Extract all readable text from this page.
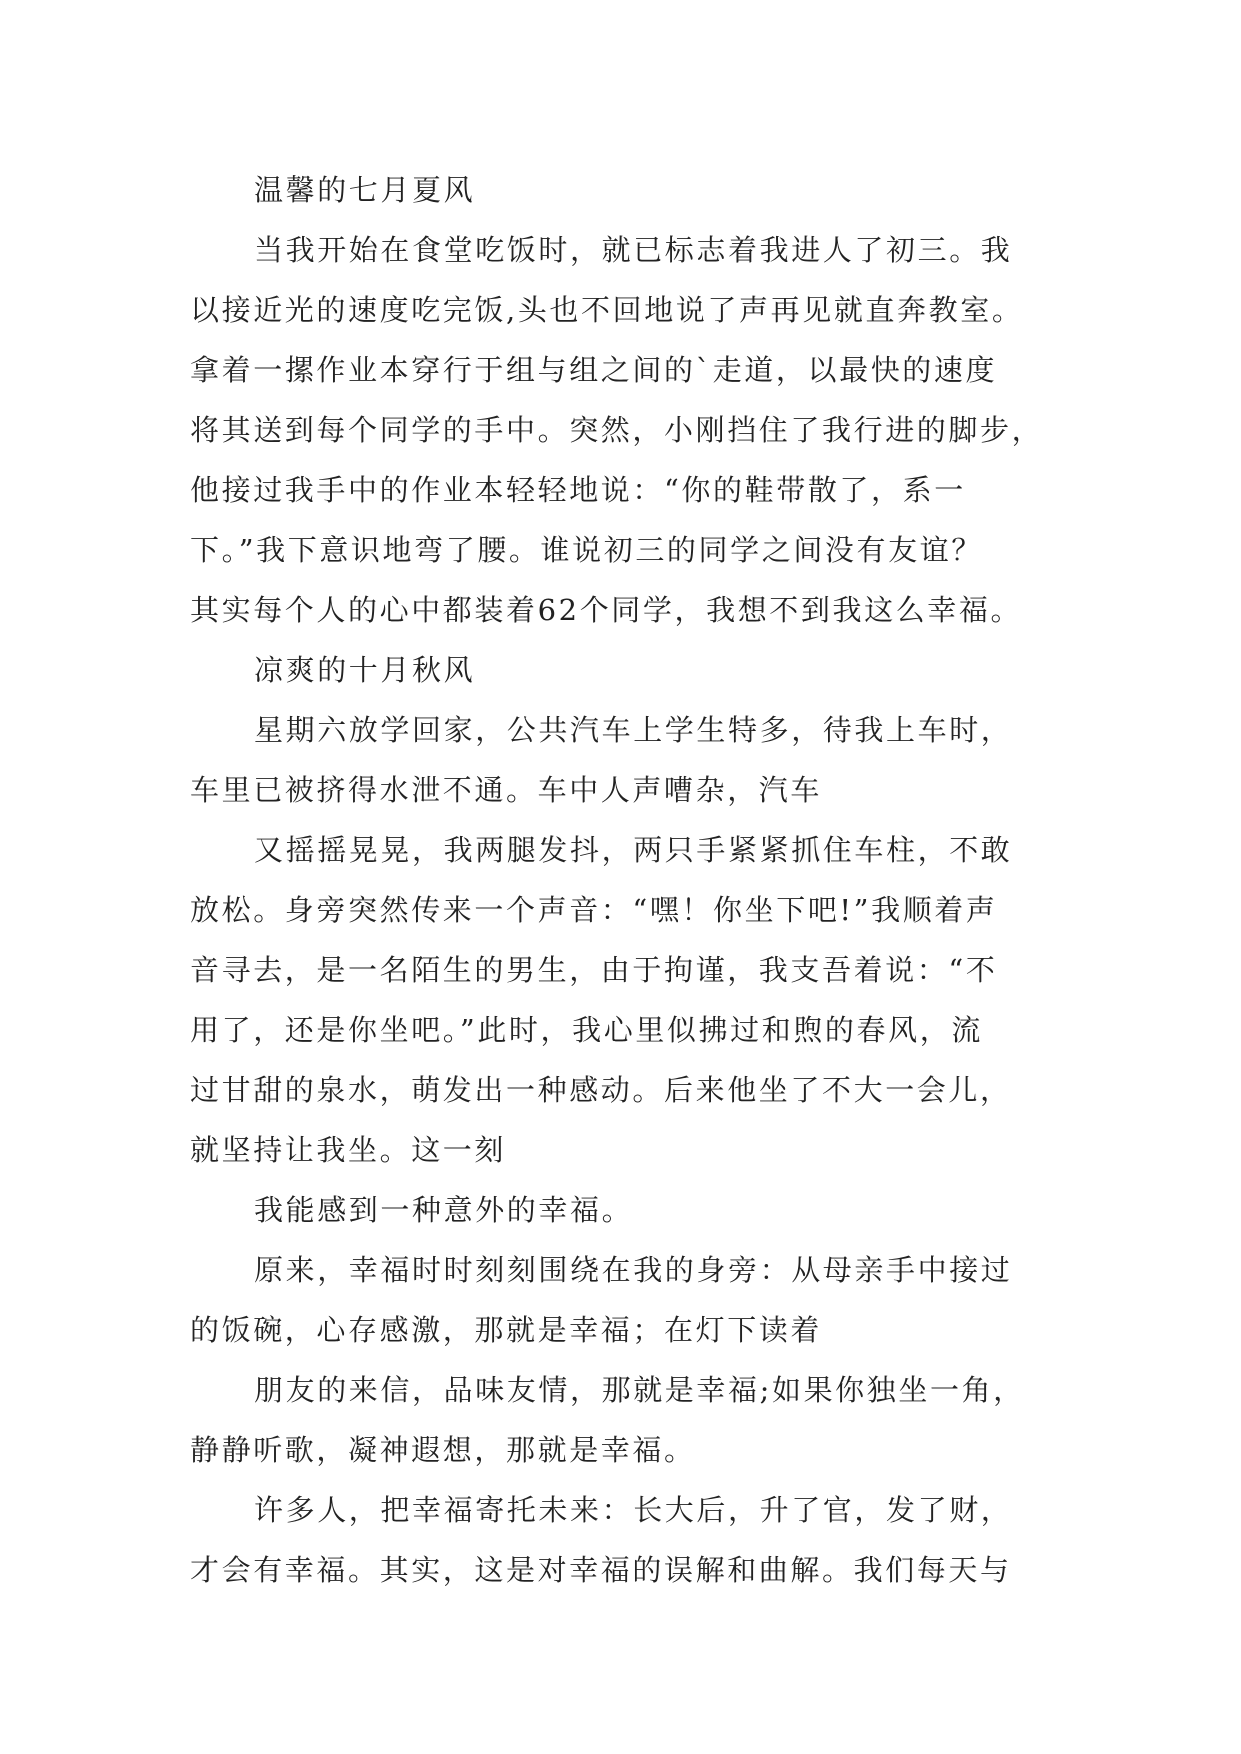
温馨的七月夏风
当我开始在食堂吃饭时，就已标志着我进人了初三。我
以接近光的速度吃完饭,头也不回地说了声再见就直奔教室。
拿着一摞作业本穿行于组与组之间的`走道，以最快的速度
将其送到每个同学的手中。突然，小刚挡住了我行进的脚步，
他接过我手中的作业本轻轻地说：“你的鞋带散了，系一
下。”我下意识地弯了腰。谁说初三的同学之间没有友谊？
其实每个人的心中都装着62个同学，我想不到我这么幸福。
凉爽的十月秋风
星期六放学回家，公共汽车上学生特多，待我上车时，
车里已被挤得水泄不通。车中人声嘈杂，汽车
又摇摇晃晃，我两腿发抖，两只手紧紧抓住车柱，不敢
放松。身旁突然传来一个声音：“嘿！你坐下吧!”我顺着声
音寻去，是一名陌生的男生，由于拘谨，我支吾着说：“不
用了，还是你坐吧。”此时，我心里似拂过和煦的春风，流
过甘甜的泉水，萌发出一种感动。后来他坐了不大一会儿，
就坚持让我坐。这一刻
我能感到一种意外的幸福。
原来，幸福时时刻刻围绕在我的身旁：从母亲手中接过
的饭碗，心存感激，那就是幸福；在灯下读着
朋友的来信，品味友情，那就是幸福;如果你独坐一角，
静静听歌，凝神遐想，那就是幸福。
许多人，把幸福寄托未来：长大后，升了官，发了财，
才会有幸福。其实，这是对幸福的误解和曲解。我们每天与
